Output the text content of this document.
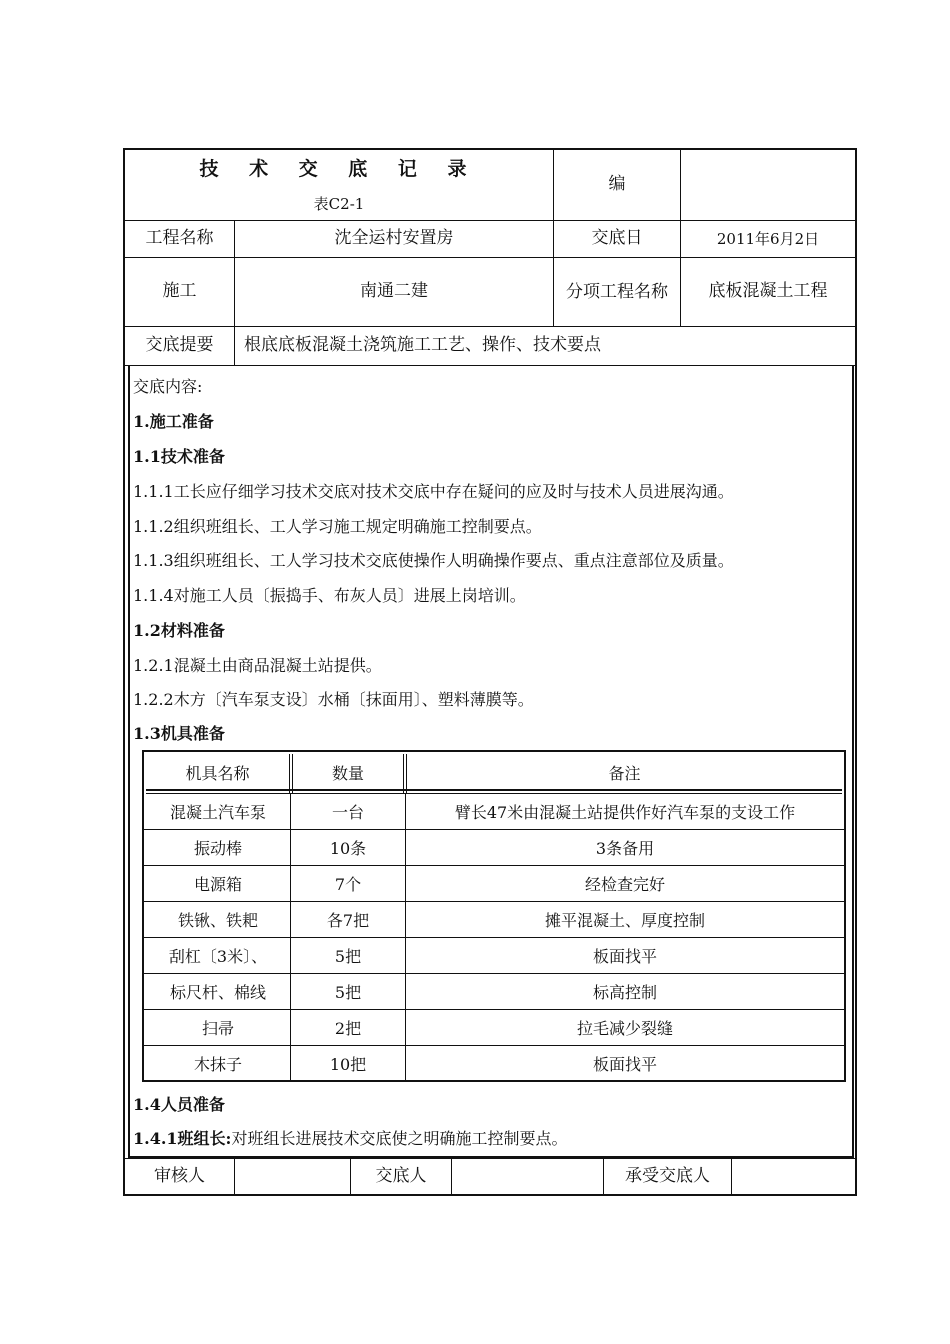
技 术 交 底 记 录
表C2-1
编
工程名称	沈全运村安置房	交底日	2011年6月2日
施工	南通二建	分项工程名称	底板混凝土工程
交底提要	根底底板混凝土浇筑施工工艺、操作、技术要点
交底内容:
1.施工准备
1.1技术准备
1.1.1工长应仔细学习技术交底对技术交底中存在疑问的应及时与技术人员进展沟通。
1.1.2组织班组长、工人学习施工规定明确施工控制要点。
1.1.3组织班组长、工人学习技术交底使操作人明确操作要点、重点注意部位及质量。
1.1.4对施工人员〔振捣手、布灰人员〕进展上岗培训。
1.2材料准备
1.2.1混凝土由商品混凝土站提供。
1.2.2木方〔汽车泵支设〕水桶〔抹面用〕、塑料薄膜等。
1.3机具准备
机具名称	数量	备注
混凝土汽车泵	一台	臂长47米由混凝土站提供作好汽车泵的支设工作
振动棒	10条	3条备用
电源箱	7个	经检查完好
铁锹、铁耙	各7把	摊平混凝土、厚度控制
刮杠〔3米〕、	5把	板面找平
标尺杆、棉线	5把	标高控制
扫帚	2把	拉毛减少裂缝
木抹子	10把	板面找平
1.4人员准备
1.4.1班组长:对班组长进展技术交底使之明确施工控制要点。
审核人	交底人	承受交底人
